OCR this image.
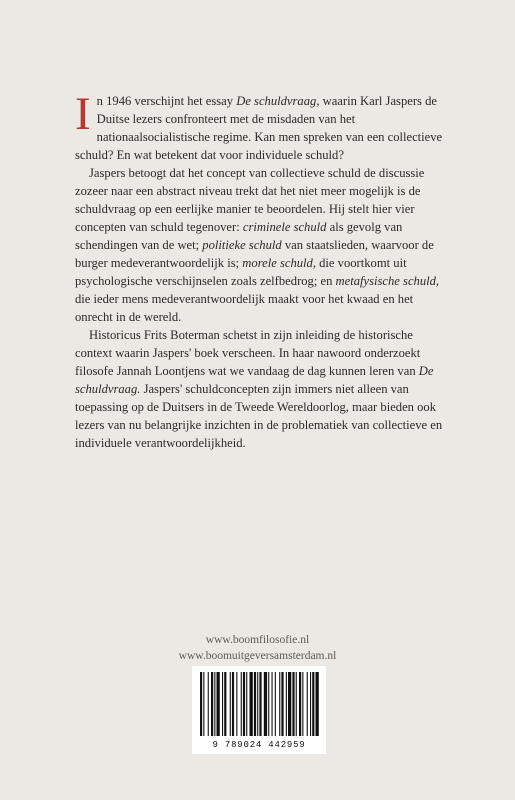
In 1946 verschijnt het essay De schuldvraag, waarin Karl Jaspers de Duitse lezers confronteert met de misdaden van het nationaalsocialistische regime. Kan men spreken van een collectieve schuld? En wat betekent dat voor individuele schuld?

Jaspers betoogt dat het concept van collectieve schuld de discussie zozeer naar een abstract niveau trekt dat het niet meer mogelijk is de schuldvraag op een eerlijke manier te beoordelen. Hij stelt hier vier concepten van schuld tegenover: criminele schuld als gevolg van schendingen van de wet; politieke schuld van staatslieden, waarvoor de burger medeverantwoordelijk is; morele schuld, die voortkomt uit psychologische verschijnselen zoals zelfbedrog; en metafysische schuld, die ieder mens medeverantwoordelijk maakt voor het kwaad en het onrecht in de wereld.

Historicus Frits Boterman schetst in zijn inleiding de historische context waarin Jaspers' boek verscheen. In haar nawoord onderzoekt filosofe Jannah Loontjens wat we vandaag de dag kunnen leren van De schuldvraag. Jaspers' schuldconcepten zijn immers niet alleen van toepassing op de Duitsers in de Tweede Wereldoorlog, maar bieden ook lezers van nu belangrijke inzichten in de problematiek van collectieve en individuele verantwoordelijkheid.

www.boomfilosofie.nl
www.boomuitgeversamsterdam.nl
9 789024 442959
